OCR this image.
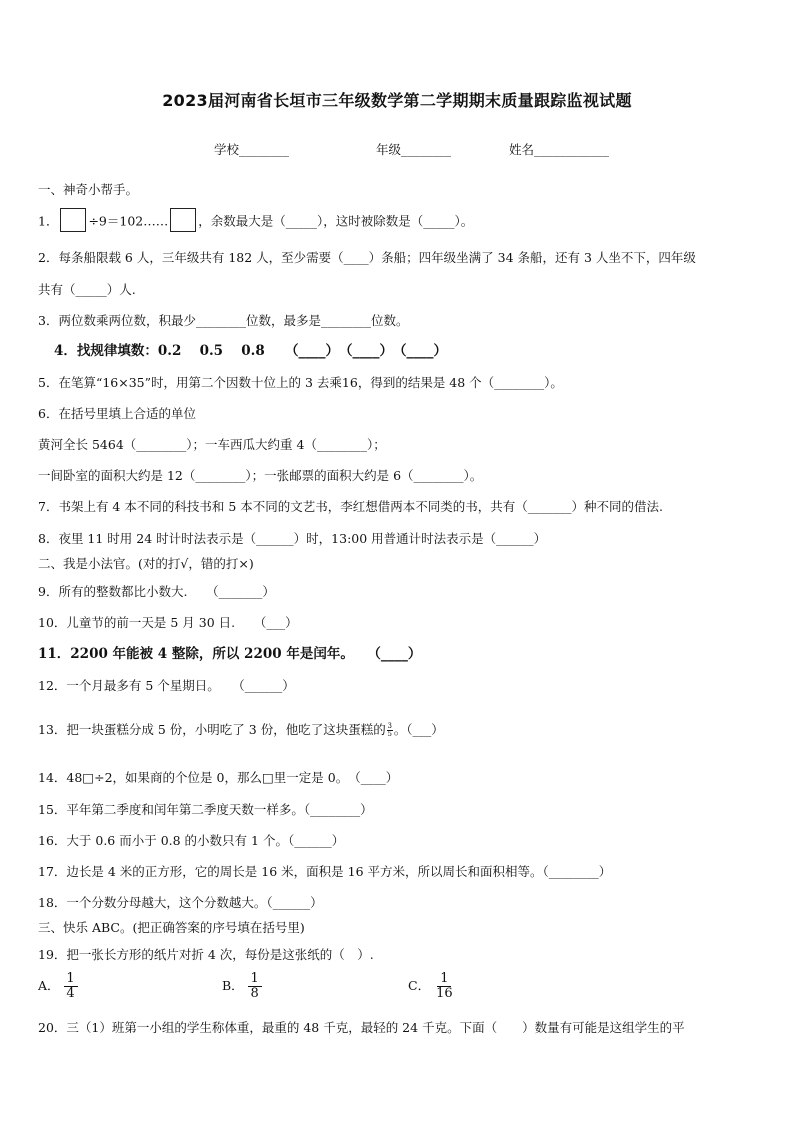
2023届河南省长垣市三年级数学第二学期期末质量跟踪监视试题
学校________	年级________	姓名____________
一、神奇小帮手。
1． ÷9＝102…… ，余数最大是（_____），这时被除数是（_____）。
2．每条船限载 6 人，三年级共有 182 人，至少需要（____）条船；四年级坐满了 34 条船，还有 3 人坐不下，四年级
共有（_____）人.
3．两位数乘两位数，积最少________位数，最多是________位数。
4．找规律填数：0.2　 0.5　 0.8　　（____）　（____）　（____）
5．在笔算“16×35”时，用第二个因数十位上的 3 去乘16，得到的结果是 48 个（________）。
6．在括号里填上合适的单位
黄河全长 5464（________）；一车西瓜大约重 4（________）；
一间卧室的面积大约是 12（________）；一张邮票的面积大约是 6（________）。
7．书架上有 4 本不同的科技书和 5 本不同的文艺书，李红想借两本不同类的书，共有（_______）种不同的借法.
8．夜里 11 时用 24 时计时法表示是（______）时，13:00 用普通计时法表示是（______）
二、我是小法官。(对的打√，错的打×)
9．所有的整数都比小数大.　　（_______）
10．儿童节的前一天是 5 月 30 日.　　（___）
11．2200 年能被 4 整除，所以 2200 年是闰年。　　（____）
12．一个月最多有 5 个星期日。　　（______）
13．把一块蛋糕分成 5 份，小明吃了 3 份，他吃了这块蛋糕的 $\frac{3}{5}$ 。（___）
14．48□÷2，如果商的个位是 0，那么□里一定是 0。　（____）
15．平年第二季度和闰年第二季度天数一样多。（________）
16．大于 0.6 而小于 0.8 的小数只有 1 个。（______）
17．边长是 4 米的正方形，它的周长是 16 米，面积是 16 平方米，所以周长和面积相等。（________）
18．一个分数分母越大，这个分数越大。（______）
三、快乐 ABC。(把正确答案的序号填在括号里)
19．把一张长方形的纸片对折 4 次，每份是这张纸的（　）.
A． $\frac{1}{4}$	B． $\frac{1}{8}$	C． $\frac{1}{16}$
20．三（1）班第一小组的学生称体重，最重的 48 千克，最轻的 24 千克。下面（　　）数量有可能是这组学生的平
